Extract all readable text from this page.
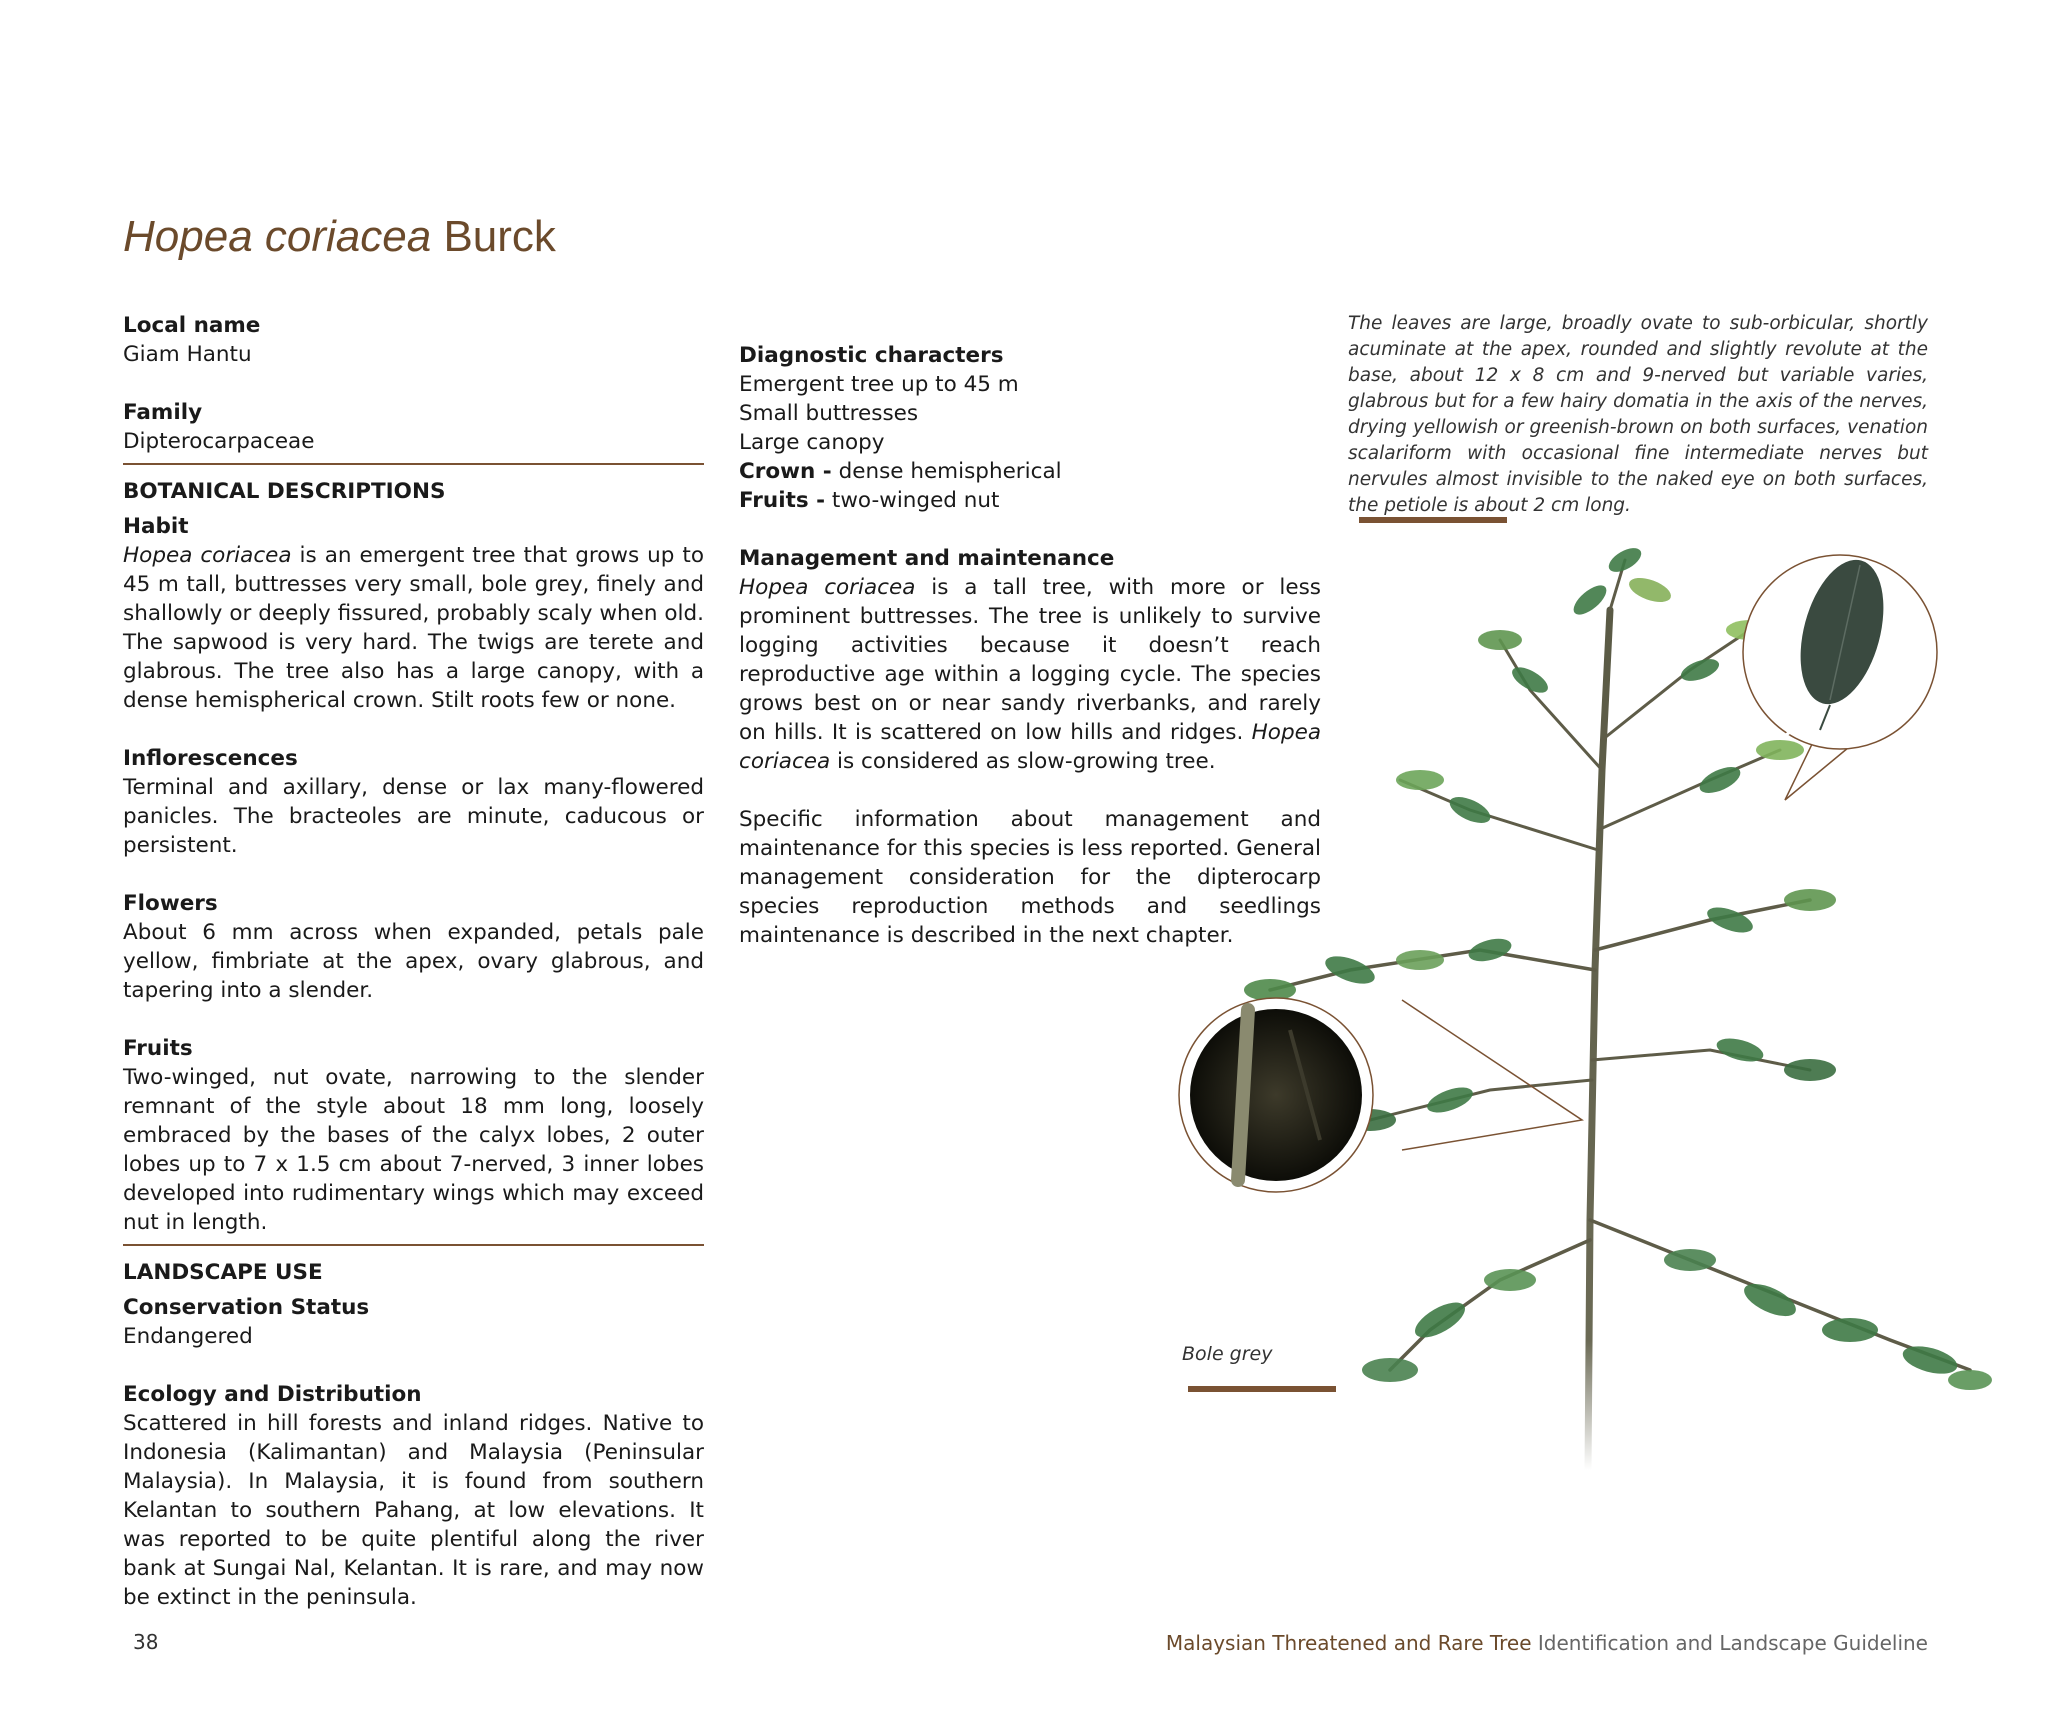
Hopea coriacea Burck
Local name
Giam Hantu
Family
Dipterocarpaceae
BOTANICAL DESCRIPTIONS
Habit
Hopea coriacea is an emergent tree that grows up to 45 m tall, buttresses very small, bole grey, finely and shallowly or deeply fissured, probably scaly when old. The sapwood is very hard. The twigs are terete and glabrous. The tree also has a large canopy, with a dense hemispherical crown. Stilt roots few or none.
Inflorescences
Terminal and axillary, dense or lax many-flowered panicles. The bracteoles are minute, caducous or persistent.
Flowers
About 6 mm across when expanded, petals pale yellow, fimbriate at the apex, ovary glabrous, and tapering into a slender.
Fruits
Two-winged, nut ovate, narrowing to the slender remnant of the style about 18 mm long, loosely embraced by the bases of the calyx lobes, 2 outer lobes up to 7 x 1.5 cm about 7-nerved, 3 inner lobes developed into rudimentary wings which may exceed nut in length.
LANDSCAPE USE
Conservation Status
Endangered
Ecology and Distribution
Scattered in hill forests and inland ridges. Native to Indonesia (Kalimantan) and Malaysia (Peninsular Malaysia). In Malaysia, it is found from southern Kelantan to southern Pahang, at low elevations. It was reported to be quite plentiful along the river bank at Sungai Nal, Kelantan. It is rare, and may now be extinct in the peninsula.
Diagnostic characters
Emergent tree up to 45 m
Small buttresses
Large canopy
Crown - dense hemispherical
Fruits - two-winged nut
Management and maintenance
Hopea coriacea is a tall tree, with more or less prominent buttresses. The tree is unlikely to survive logging activities because it doesn’t reach reproductive age within a logging cycle. The species grows best on or near sandy riverbanks, and rarely on hills. It is scattered on low hills and ridges. Hopea coriacea is considered as slow-growing tree.
Specific information about management and maintenance for this species is less reported. General management consideration for the dipterocarp species reproduction methods and seedlings maintenance is described in the next chapter.
The leaves are large, broadly ovate to sub-orbicular, shortly acuminate at the apex, rounded and slightly revolute at the base, about 12 x 8 cm and 9-nerved but variable varies, glabrous but for a few hairy domatia in the axis of the nerves, drying yellowish or greenish-brown on both surfaces, venation scalariform with occasional fine intermediate nerves but nervules almost invisible to the naked eye on both surfaces, the petiole is about 2 cm long.
Bole grey
38	Malaysian Threatened and Rare Tree Identification and Landscape Guideline
